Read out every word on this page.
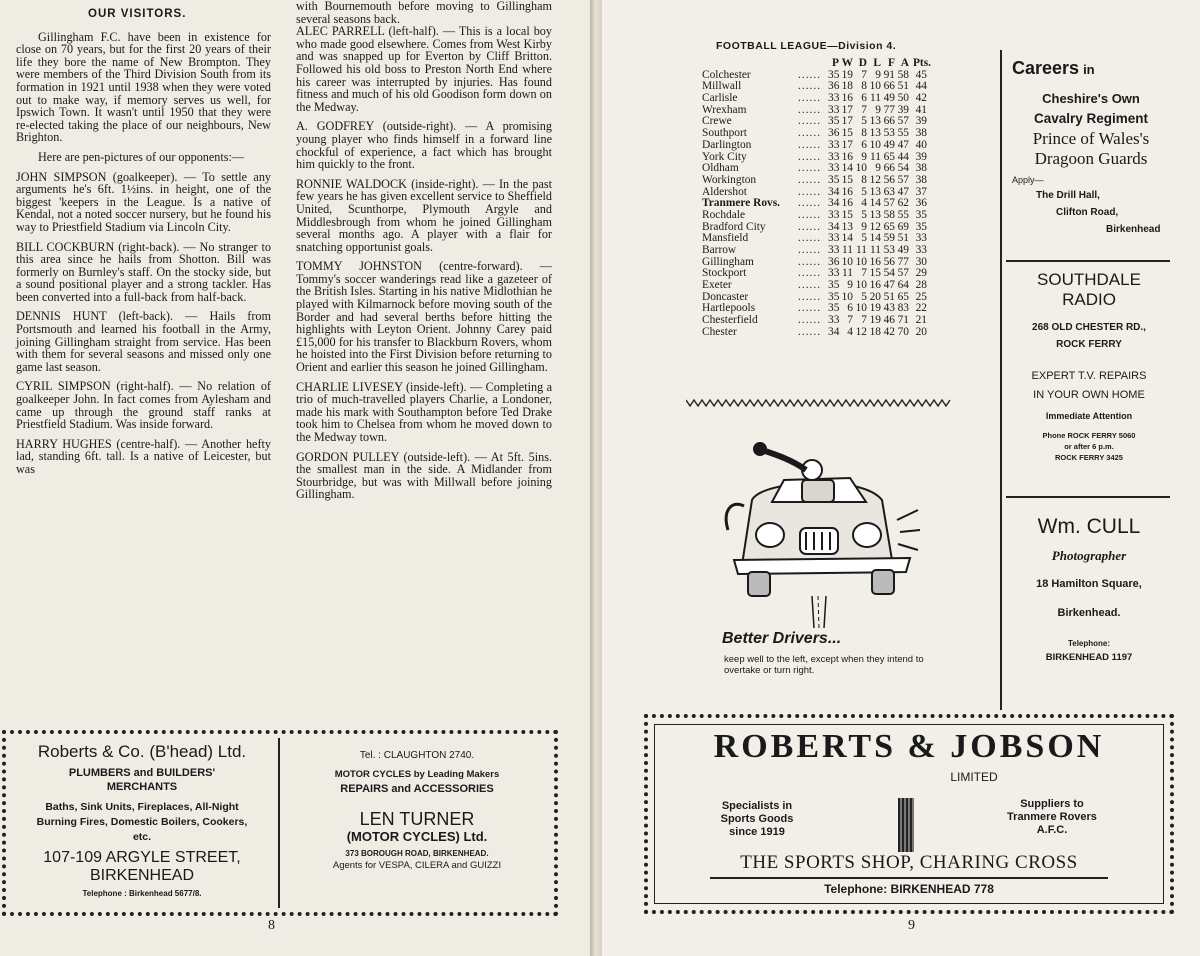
OUR VISITORS.

Gillingham F.C. have been in existence for close on 70 years, but for the first 20 years of their life they bore the name of New Brompton. They were members of the Third Division South from its formation in 1921 until 1938 when they were voted out to make way, if memory serves us well, for Ipswich Town. It wasn't until 1950 that they were re-elected taking the place of our neighbours, New Brighton.

Here are pen-pictures of our opponents:—

JOHN SIMPSON (goalkeeper). — To settle any arguments he's 6ft. 1½ins. in height, one of the biggest 'keepers in the League. Is a native of Kendal, not a noted soccer nursery, but he found his way to Priestfield Stadium via Lincoln City.

BILL COCKBURN (right-back). — No stranger to this area since he hails from Shotton. Bill was formerly on Burnley's staff. On the stocky side, but a sound positional player and a strong tackler. Has been converted into a full-back from half-back.

DENNIS HUNT (left-back). — Hails from Portsmouth and learned his football in the Army, joining Gillingham straight from service. Has been with them for several seasons and missed only one game last season.

CYRIL SIMPSON (right-half). — No relation of goalkeeper John. In fact comes from Aylesham and came up through the ground staff ranks at Priestfield Stadium. Was inside forward.

HARRY HUGHES (centre-half). — Another hefty lad, standing 6ft. tall. Is a native of Leicester, but was

with Bournemouth before moving to Gillingham several seasons back.

ALEC PARRELL (left-half). — This is a local boy who made good elsewhere. Comes from West Kirby and was snapped up for Everton by Cliff Britton. Followed his old boss to Preston North End where his career was interrupted by injuries. Has found fitness and much of his old Goodison form down on the Medway.

A. GODFREY (outside-right). — A promising young player who finds himself in a forward line chockful of experience, a fact which has brought him quickly to the front.

RONNIE WALDOCK (inside-right). — In the past few years he has given excellent service to Sheffield United, Scunthorpe, Plymouth Argyle and Middlesbrough from whom he joined Gillingham several months ago. A player with a flair for snatching opportunist goals.

TOMMY JOHNSTON (centre-forward). — Tommy's soccer wanderings read like a gazeteer of the British Isles. Starting in his native Midlothian he played with Kilmarnock before moving south of the Border and had several berths before hitting the highlights with Leyton Orient. Johnny Carey paid £15,000 for his transfer to Blackburn Rovers, whom he hoisted into the First Division before returning to Orient and earlier this season he joined Gillingham.

CHARLIE LIVESEY (inside-left). — Completing a trio of much-travelled players Charlie, a Londoner, made his mark with Southampton before Ted Drake took him to Chelsea from whom he moved down to the Medway town.

GORDON PULLEY (outside-left). — At 5ft. 5ins. the smallest man in the side. A Midlander from Stourbridge, but was with Millwall before joining Gillingham.

Roberts & Co. (B'head) Ltd.
PLUMBERS and BUILDERS' MERCHANTS
Baths, Sink Units, Fireplaces, All-Night Burning Fires, Domestic Boilers, Cookers, etc.
107-109 ARGYLE STREET,
BIRKENHEAD
Telephone : Birkenhead 5677/8.
Tel. : CLAUGHTON 2740.
MOTOR CYCLES by Leading Makers
REPAIRS and ACCESSORIES
LEN TURNER
(MOTOR CYCLES) Ltd.
373 BOROUGH ROAD, BIRKENHEAD.
Agents for VESPA, CILERA and GUIZZI
8
FOOTBALL LEAGUE—Division 4.
P W D L F A Pts.
Colchester	...... 35 19 7 9 91 58 45
Millwall	...... 36 18 8 10 66 51 44
Carlisle	...... 33 16 6 11 49 50 42
Wrexham	...... 33 17 7 9 77 39 41
Crewe	...... 35 17 5 13 66 57 39
Southport	...... 36 15 8 13 53 55 38
Darlington	...... 33 17 6 10 49 47 40
York City	...... 33 16 9 11 65 44 39
Oldham	...... 33 14 10 9 66 54 38
Workington	...... 35 15 8 12 56 57 38
Aldershot	...... 34 16 5 13 63 47 37
Tranmere Rovs.	...... 34 16 4 14 57 62 36
Rochdale	...... 33 15 5 13 58 55 35
Bradford City	...... 34 13 9 12 65 69 35
Mansfield	...... 33 14 5 14 59 51 33
Barrow	...... 33 11 11 11 53 49 33
Gillingham	...... 36 10 10 16 56 77 30
Stockport	...... 33 11 7 15 54 57 29
Exeter	...... 35 9 10 16 47 64 28
Doncaster	...... 35 10 5 20 51 65 25
Hartlepools	...... 35 6 10 19 43 83 22
Chesterfield	...... 33 7 7 19 46 71 21
Chester	...... 34 4 12 18 42 70 20
Better Drivers...
keep well to the left, except when they intend to overtake or turn right.
Careers in
Cheshire's Own
Cavalry Regiment
Prince of Wales's
Dragoon Guards
Apply—
The Drill Hall,
Clifton Road,
Birkenhead
SOUTHDALE
RADIO
268 OLD CHESTER RD.,
ROCK FERRY
EXPERT T.V. REPAIRS
IN YOUR OWN HOME
Immediate Attention
Phone ROCK FERRY 5060
or after 6 p.m.
ROCK FERRY 3425
Wm. CULL
Photographer
18 Hamilton Square,
Birkenhead.
Telephone:
BIRKENHEAD 1197
ROBERTS & JOBSON
LIMITED
Specialists in
Sports Goods
since 1919
Suppliers to
Tranmere Rovers
A.F.C.
THE SPORTS SHOP, CHARING CROSS
Telephone: BIRKENHEAD 778
9
